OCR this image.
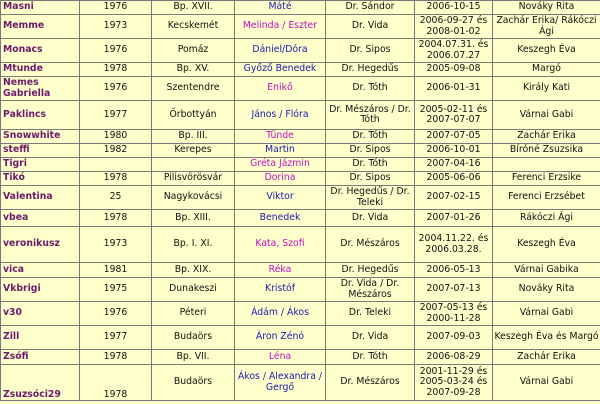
Masni	1976	Bp. XVII.	Máté	Dr. Sándor	2006-10-15	Nováky Rita
Memme	1973	Kecskemét	Melinda / Eszter	Dr. Vida	2006-09-27 és 2008-01-02	Zachár Erika/ Rákóczi Ági
Monacs	1976	Pomáz	Dániel/Dóra	Dr. Sipos	2004.07.31. és 2006.07.27	Keszegh Éva
Mtunde	1978	Bp. XV.	Győző Benedek	Dr. Hegedűs	2005-09-08	Margó
Nemes Gabriella	1976	Szentendre	Enikő	Dr. Tóth	2006-01-31	Király Kati
Paklincs	1977	Őrbottyán	János / Flóra	Dr. Mészáros / Dr. Tóth	2005-02-11 és 2007-07-07	Várnai Gabi
Snowwhite	1980	Bp. III.	Tünde	Dr. Tóth	2007-07-05	Zachár Erika
steffi	1982	Kerepes	Martin	Dr. Sipos	2006-10-01	Bíróné Zsuzsika
Tigri			Gréta Jázmin	Dr. Tóth	2007-04-16	
Tikó	1978	Pilisvörösvár	Dorina	Dr. Sipos	2005-06-06	Ferenci Erzsike
Valentina	25	Nagykovácsi	Viktor	Dr. Hegedűs / Dr. Teleki	2007-02-15	Ferenci Erzsébet
vbea	1978	Bp. XIII.	Benedek	Dr. Vida	2007-01-26	Rákóczi Ági
veronikusz	1973	Bp. I. XI.	Kata, Szofi	Dr. Mészáros	2004.11.22. és 2006.03.28.	Keszegh Éva
vica	1981	Bp. XIX.	Réka	Dr. Hegedűs	2006-05-13	Várnai Gabika
Vkbrigi	1975	Dunakeszi	Kristóf	Dr. Vida / Dr. Mészáros	2007-07-13	Nováky Rita
v30	1976	Péteri	Ádám / Ákos	Dr. Teleki	2007-05-13 és 2000-11-28	Várnai Gabi
Zill	1977	Budaörs	Áron Zénó	Dr. Vida	2007-09-03	Keszegh Éva és Margó
Zsófi	1978	Bp. VII.	Léna	Dr. Tóth	2006-08-29	Zachár Erika
Zsuzsóci29	1978	Budaörs	Ákos / Alexandra / Gergő	Dr. Mészáros	2001-11-29 és 2005-03-24 és 2007-09-28	Várnai Gabi
